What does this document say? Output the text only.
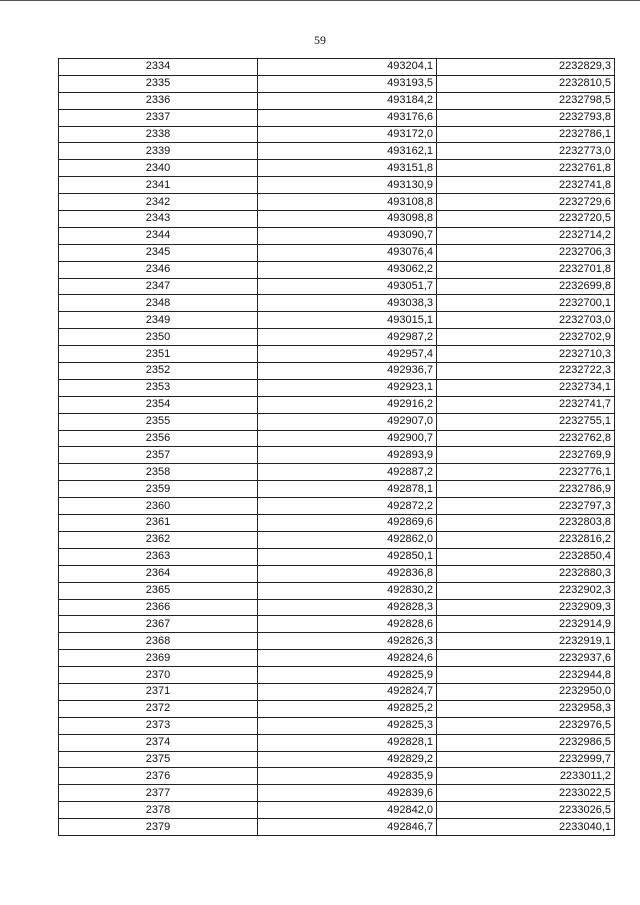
59
2334	493204,1	2232829,3
2335	493193,5	2232810,5
2336	493184,2	2232798,5
2337	493176,6	2232793,8
2338	493172,0	2232786,1
2339	493162,1	2232773,0
2340	493151,8	2232761,8
2341	493130,9	2232741,8
2342	493108,8	2232729,6
2343	493098,8	2232720,5
2344	493090,7	2232714,2
2345	493076,4	2232706,3
2346	493062,2	2232701,8
2347	493051,7	2232699,8
2348	493038,3	2232700,1
2349	493015,1	2232703,0
2350	492987,2	2232702,9
2351	492957,4	2232710,3
2352	492936,7	2232722,3
2353	492923,1	2232734,1
2354	492916,2	2232741,7
2355	492907,0	2232755,1
2356	492900,7	2232762,8
2357	492893,9	2232769,9
2358	492887,2	2232776,1
2359	492878,1	2232786,9
2360	492872,2	2232797,3
2361	492869,6	2232803,8
2362	492862,0	2232816,2
2363	492850,1	2232850,4
2364	492836,8	2232880,3
2365	492830,2	2232902,3
2366	492828,3	2232909,3
2367	492828,6	2232914,9
2368	492826,3	2232919,1
2369	492824,6	2232937,6
2370	492825,9	2232944,8
2371	492824,7	2232950,0
2372	492825,2	2232958,3
2373	492825,3	2232976,5
2374	492828,1	2232986,5
2375	492829,2	2232999,7
2376	492835,9	2233011,2
2377	492839,6	2233022,5
2378	492842,0	2233026,5
2379	492846,7	2233040,1
